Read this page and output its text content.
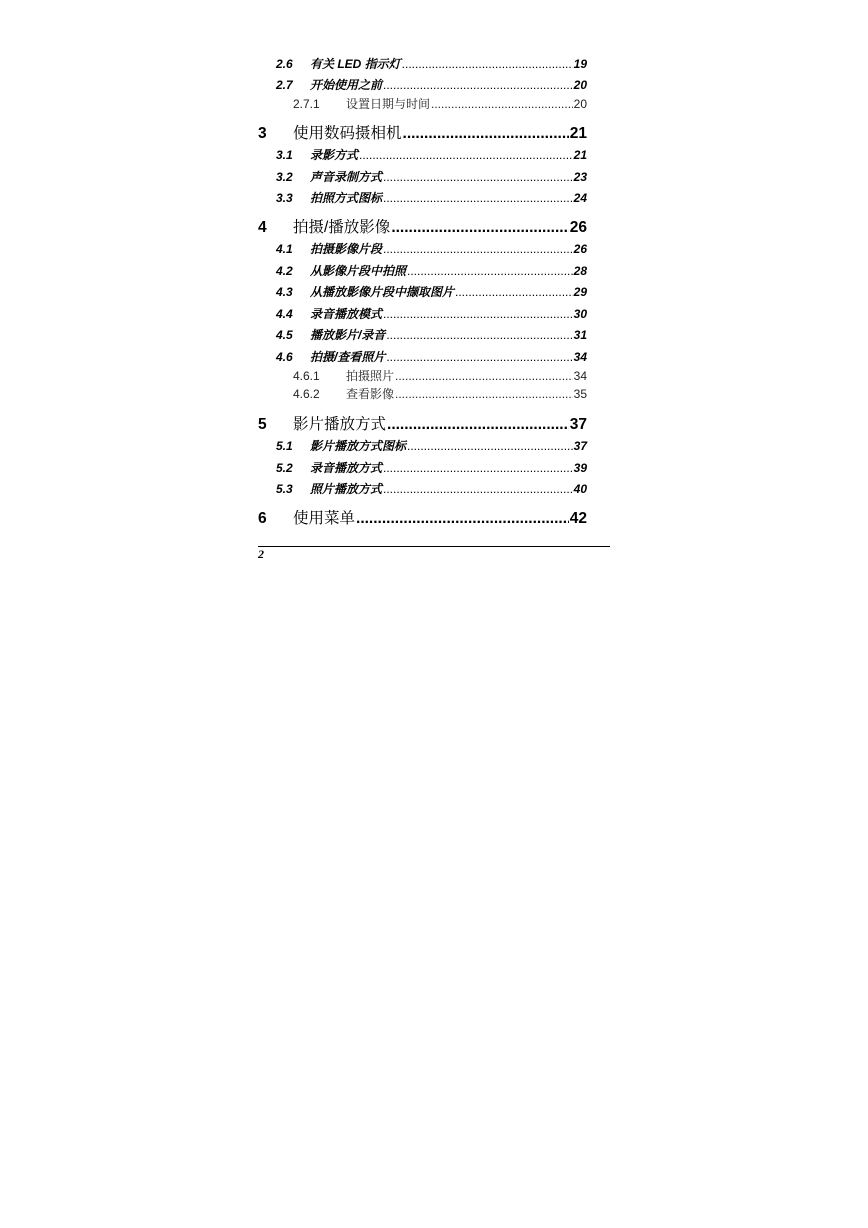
2.6 有关 LED 指示灯 .....	19
2.7 开始使用之前 .....	20
2.7.1	设置日期与时间 .....	20
3	使用数码摄相机 .....	21
3.1 录影方式 .....	21
3.2 声音录制方式 .....	23
3.3 拍照方式图标 .....	24
4	拍摄/播放影像 .....	26
4.1 拍摄影像片段 .....	26
4.2 从影像片段中拍照 .....	28
4.3 从播放影像片段中撷取图片 .....	29
4.4 录音播放模式 .....	30
4.5 播放影片/录音 .....	31
4.6 拍摄/查看照片 .....	34
4.6.1	拍摄照片 .....	34
4.6.2	查看影像 .....	35
5	影片播放方式 .....	37
5.1 影片播放方式图标 .....	37
5.2 录音播放方式 .....	39
5.3 照片播放方式 .....	40
6	使用菜单 .....	42
2
